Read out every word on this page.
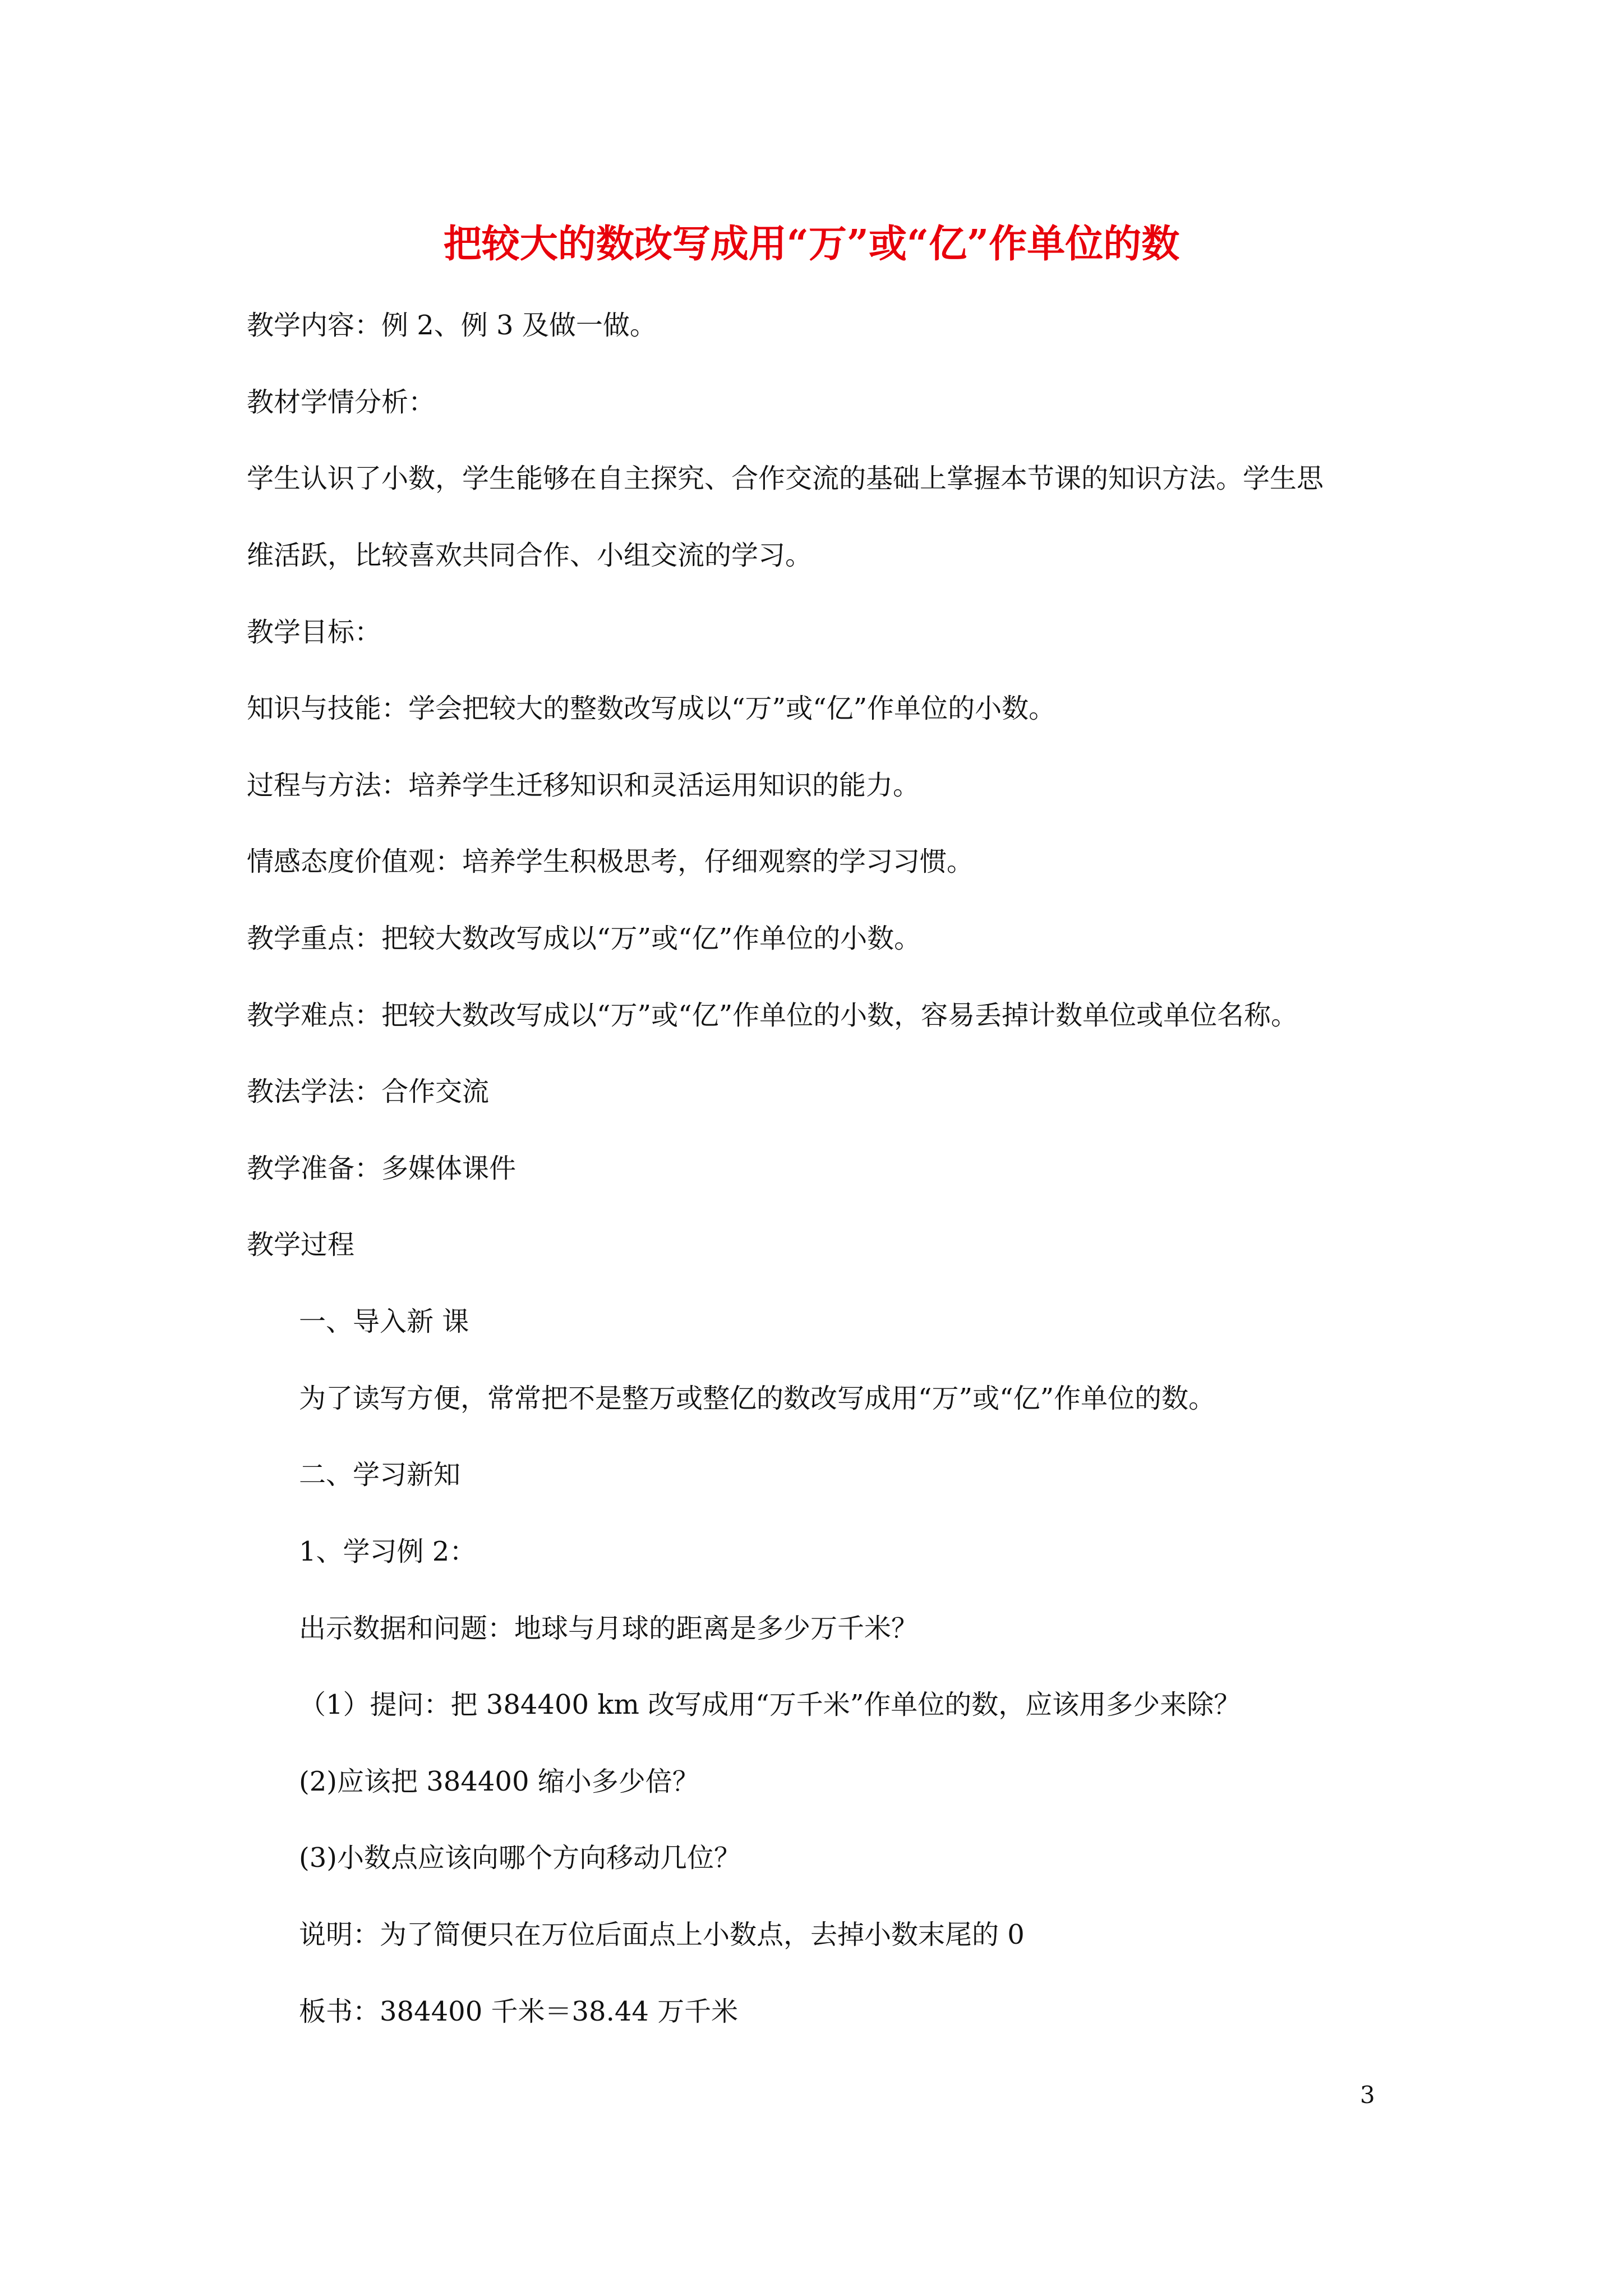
把较大的数改写成用“万”或“亿”作单位的数
教学内容：例 2、例 3 及做一做。
教材学情分析：
学生认识了小数，学生能够在自主探究、合作交流的基础上掌握本节课的知识方法。学生思
维活跃，比较喜欢共同合作、小组交流的学习。
教学目标：
知识与技能：学会把较大的整数改写成以“万”或“亿”作单位的小数。
过程与方法：培养学生迁移知识和灵活运用知识的能力。
情感态度价值观：培养学生积极思考，仔细观察的学习习惯。
教学重点：把较大数改写成以“万”或“亿”作单位的小数。
教学难点：把较大数改写成以“万”或“亿”作单位的小数，容易丢掉计数单位或单位名称。
教法学法：合作交流
教学准备：多媒体课件
教学过程
一、导入新 课
为了读写方便，常常把不是整万或整亿的数改写成用“万”或“亿”作单位的数。
二、学习新知
1、学习例 2：
出示数据和问题：地球与月球的距离是多少万千米？
（1）提问：把 384400 km 改写成用“万千米”作单位的数，应该用多少来除？
(2)应该把 384400 缩小多少倍？
(3)小数点应该向哪个方向移动几位？
说明：为了简便只在万位后面点上小数点，去掉小数末尾的 0
板书：384400 千米＝38.44 万千米
3
